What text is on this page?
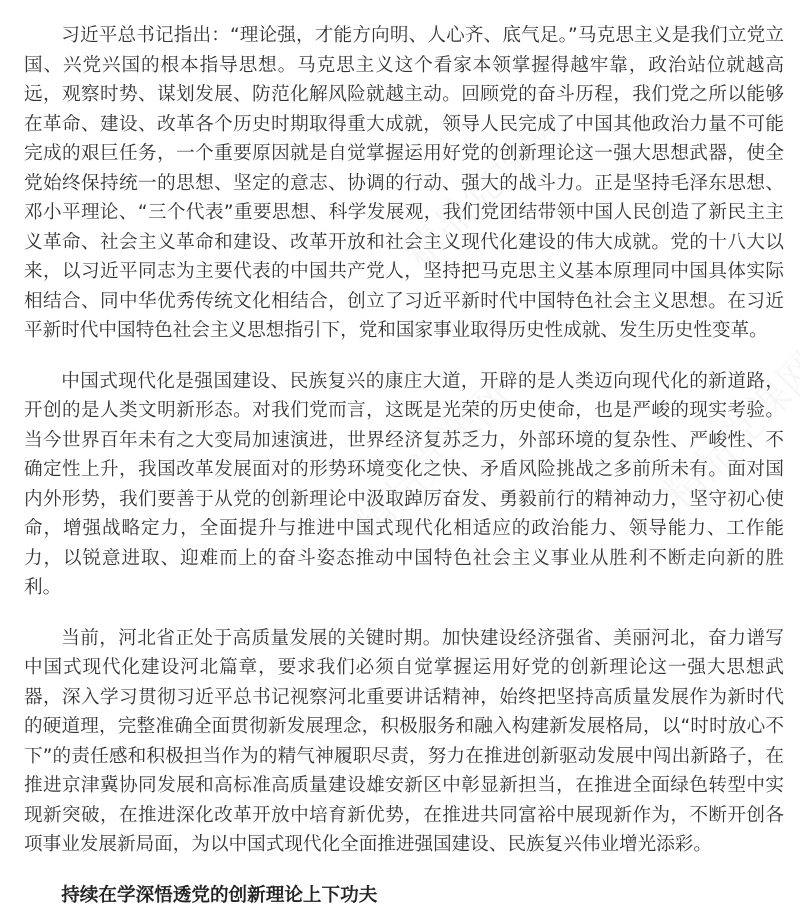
习近平总书记指出：“理论强，才能方向明、人心齐、底气足。”马克思主义是我们立党立国、兴党兴国的根本指导思想。马克思主义这个看家本领掌握得越牢靠，政治站位就越高远，观察时势、谋划发展、防范化解风险就越主动。回顾党的奋斗历程，我们党之所以能够在革命、建设、改革各个历史时期取得重大成就，领导人民完成了中国其他政治力量不可能完成的艰巨任务，一个重要原因就是自觉掌握运用好党的创新理论这一强大思想武器，使全党始终保持统一的思想、坚定的意志、协调的行动、强大的战斗力。正是坚持毛泽东思想、邓小平理论、“三个代表”重要思想、科学发展观，我们党团结带领中国人民创造了新民主主义革命、社会主义革命和建设、改革开放和社会主义现代化建设的伟大成就。党的十八大以来，以习近平同志为主要代表的中国共产党人，坚持把马克思主义基本原理同中国具体实际相结合、同中华优秀传统文化相结合，创立了习近平新时代中国特色社会主义思想。在习近平新时代中国特色社会主义思想指引下，党和国家事业取得历史性成就、发生历史性变革。

中国式现代化是强国建设、民族复兴的康庄大道，开辟的是人类迈向现代化的新道路，开创的是人类文明新形态。对我们党而言，这既是光荣的历史使命，也是严峻的现实考验。当今世界百年未有之大变局加速演进，世界经济复苏乏力，外部环境的复杂性、严峻性、不确定性上升，我国改革发展面对的形势环境变化之快、矛盾风险挑战之多前所未有。面对国内外形势，我们要善于从党的创新理论中汲取踔厉奋发、勇毅前行的精神动力，坚守初心使命，增强战略定力，全面提升与推进中国式现代化相适应的政治能力、领导能力、工作能力，以锐意进取、迎难而上的奋斗姿态推动中国特色社会主义事业从胜利不断走向新的胜利。

当前，河北省正处于高质量发展的关键时期。加快建设经济强省、美丽河北，奋力谱写中国式现代化建设河北篇章，要求我们必须自觉掌握运用好党的创新理论这一强大思想武器，深入学习贯彻习近平总书记视察河北重要讲话精神，始终把坚持高质量发展作为新时代的硬道理，完整准确全面贯彻新发展理念，积极服务和融入构建新发展格局，以“时时放心不下”的责任感和积极担当作为的精气神履职尽责，努力在推进创新驱动发展中闯出新路子，在推进京津冀协同发展和高标准高质量建设雄安新区中彰显新担当，在推进全面绿色转型中实现新突破，在推进深化改革开放中培育新优势，在推进共同富裕中展现新作为，不断开创各项事业发展新局面，为以中国式现代化全面推进强国建设、民族复兴伟业增光添彩。

持续在学深悟透党的创新理论上下功夫
